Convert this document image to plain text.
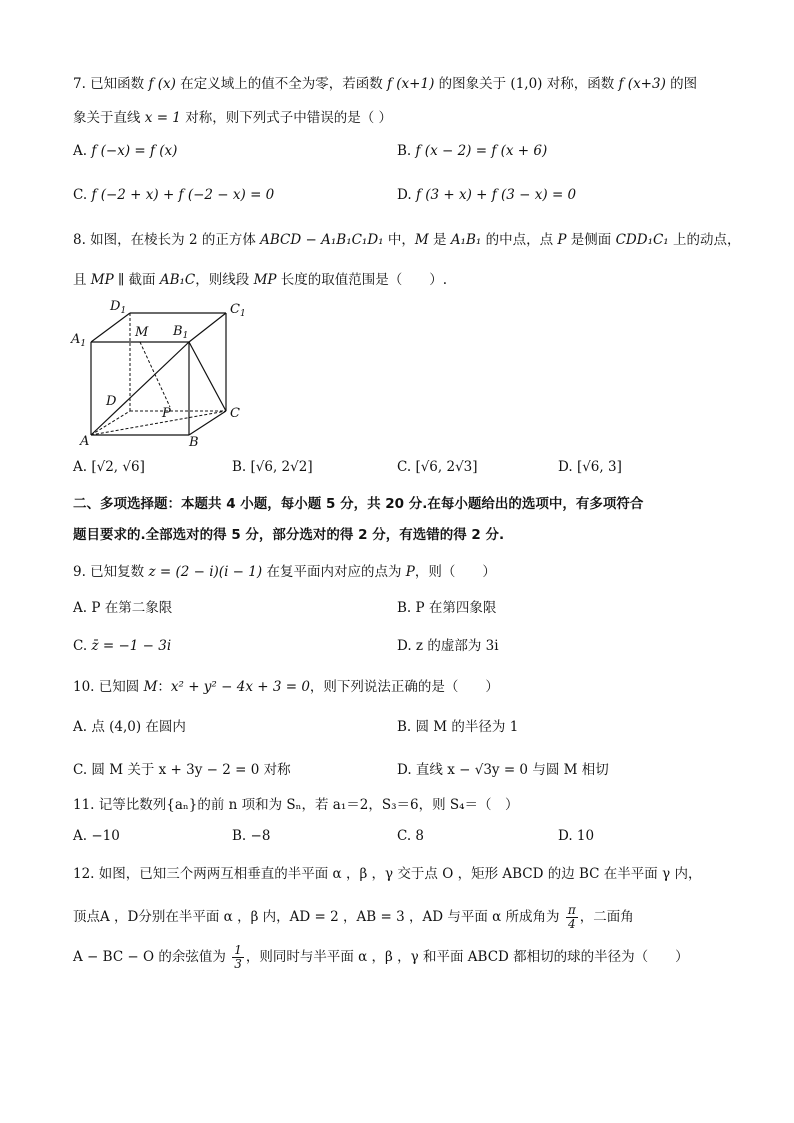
7. 已知函数 f (x) 在定义域上的值不全为零，若函数 f (x+1) 的图象关于 (1,0) 对称，函数 f (x+3) 的图
象关于直线 x = 1 对称，则下列式子中错误的是（ ）
A. f (−x) = f (x)	B. f (x − 2) = f (x + 6)
C. f (−2 + x) + f (−2 − x) = 0	D. f (3 + x) + f (3 − x) = 0
8. 如图，在棱长为 2 的正方体 ABCD − A₁B₁C₁D₁ 中，M 是 A₁B₁ 的中点，点 P 是侧面 CDD₁C₁ 上的动点，
且 MP ∥ 截面 AB₁C，则线段 MP 长度的取值范围是（　　）.
$D_1$	$C_1$
$A_1$
$B_1$
M
D
P	C
A	B
A. [√2, √6]	B. [√6, 2√2]	C. [√6, 2√3]	D. [√6, 3]
二、多项选择题：本题共 4 小题，每小题 5 分，共 20 分.在每小题给出的选项中，有多项符合
题目要求的.全部选对的得 5 分，部分选对的得 2 分，有选错的得 2 分.
9. 已知复数 z = (2 − i)(i − 1) 在复平面内对应的点为 P，则（　　）
A. P 在第二象限	B. P 在第四象限
C. z̄ = −1 − 3i	D. z 的虚部为 3i
10. 已知圆 M：x² + y² − 4x + 3 = 0，则下列说法正确的是（　　）
A. 点 (4,0) 在圆内	B. 圆 M 的半径为 1
C. 圆 M 关于 x + 3y − 2 = 0 对称	D. 直线 x − √3y = 0 与圆 M 相切
11. 记等比数列{aₙ}的前 n 项和为 Sₙ，若 a₁＝2，S₃＝6，则 S₄＝（　）
A. −10	B. −8	C. 8	D. 10
12. 如图，已知三个两两互相垂直的半平面 α ，β ，γ 交于点 O ，矩形 ABCD 的边 BC 在半平面 γ 内，
顶点A ，D分别在半平面 α ，β 内，AD = 2 ，AB = 3 ，AD 与平面 α 所成角为 $\frac{\pi}{4}$ ，二面角
A − BC − O 的余弦值为 $\frac{1}{3}$ ，则同时与半平面 α ，β ，γ 和平面 ABCD 都相切的球的半径为（　　）
